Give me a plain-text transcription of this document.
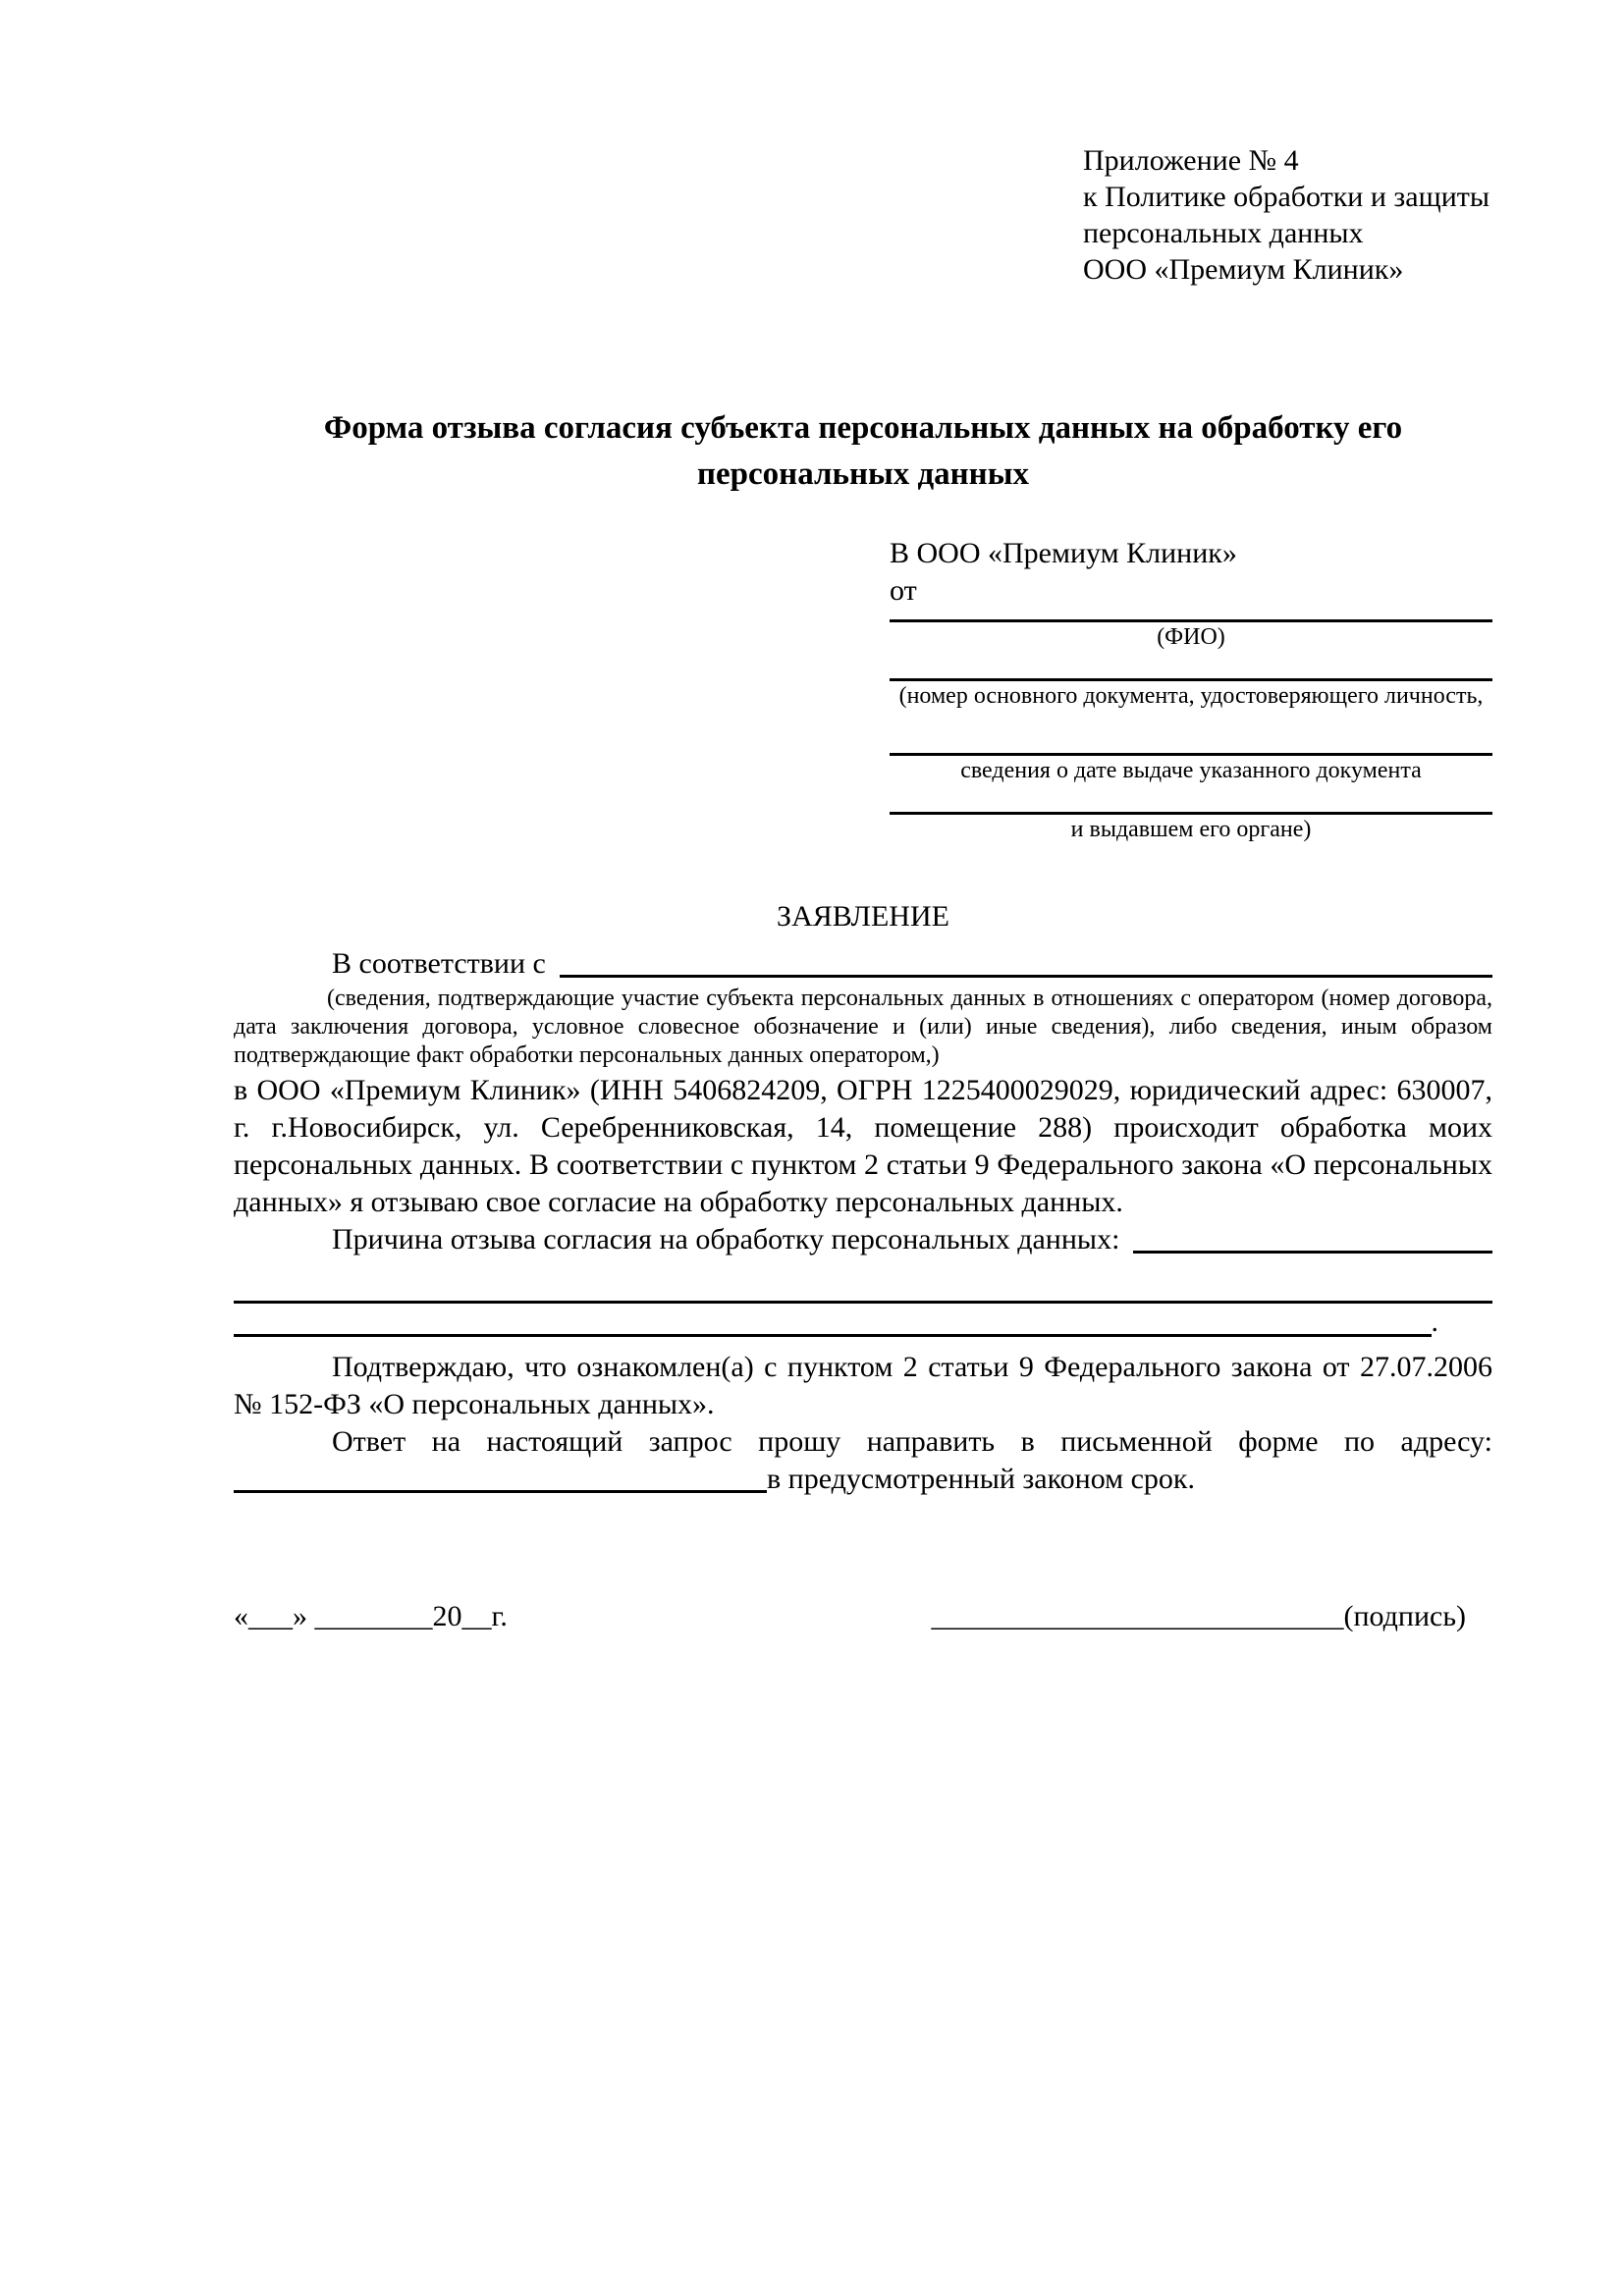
Приложение № 4
к Политике обработки и защиты
персональных данных
ООО «Премиум Клиник»
Форма отзыва согласия субъекта персональных данных на обработку его персональных данных
В ООО «Премиум Клиник»
от
(ФИО)
(номер основного документа, удостоверяющего личность,
сведения о дате выдаче указанного документа
и выдавшем его органе)
ЗАЯВЛЕНИЕ
В соответствии с
(сведения, подтверждающие участие субъекта персональных данных в отношениях с оператором (номер договора, дата заключения договора, условное словесное обозначение и (или) иные сведения), либо сведения, иным образом подтверждающие факт обработки персональных данных оператором,)
в ООО «Премиум Клиник» (ИНН 5406824209, ОГРН 1225400029029, юридический адрес: 630007, г. г.Новосибирск, ул. Серебренниковская, 14, помещение 288) происходит обработка моих персональных данных. В соответствии с пунктом 2 статьи 9 Федерального закона «О персональных данных» я отзываю свое согласие на обработку персональных данных.
Причина отзыва согласия на обработку персональных данных:
.
Подтверждаю, что ознакомлен(а) с пунктом 2 статьи 9 Федерального закона от 27.07.2006 № 152-ФЗ «О персональных данных».
Ответ на настоящий запрос прошу направить в письменной форме по адресу:
в предусмотренный законом срок.
«___» ________20__г.	____________________________(подпись)
